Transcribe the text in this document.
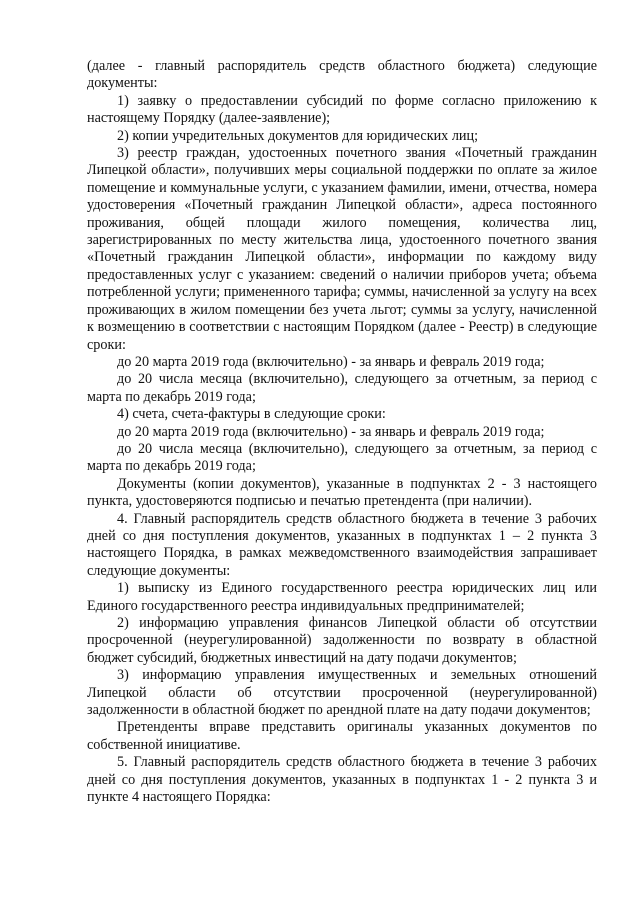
(далее - главный распорядитель средств областного бюджета) следующие документы:

1) заявку о предоставлении субсидий по форме согласно приложению к настоящему Порядку (далее-заявление);

2) копии учредительных документов для юридических лиц;

3) реестр граждан, удостоенных почетного звания «Почетный гражданин Липецкой области», получивших меры социальной поддержки по оплате за жилое помещение и коммунальные услуги, с указанием фамилии, имени, отчества, номера удостоверения «Почетный гражданин Липецкой области», адреса постоянного проживания, общей площади жилого помещения, количества лиц, зарегистрированных по месту жительства лица, удостоенного почетного звания «Почетный гражданин Липецкой области», информации по каждому виду предоставленных услуг с указанием: сведений о наличии приборов учета; объема потребленной услуги; примененного тарифа; суммы, начисленной за услугу на всех проживающих в жилом помещении без учета льгот; суммы за услугу, начисленной к возмещению в соответствии с настоящим Порядком (далее - Реестр) в следующие сроки:

до 20 марта 2019 года (включительно) - за январь и февраль 2019 года;

до 20 числа месяца (включительно), следующего за отчетным, за период с марта по декабрь 2019 года;

4) счета, счета-фактуры в следующие сроки:

до 20 марта 2019 года (включительно) - за январь и февраль 2019 года;

до 20 числа месяца (включительно), следующего за отчетным, за период с марта по декабрь 2019 года;

Документы (копии документов), указанные в подпунктах 2 - 3 настоящего пункта, удостоверяются подписью и печатью претендента (при наличии).

4. Главный распорядитель средств областного бюджета в течение 3 рабочих дней со дня поступления документов, указанных в подпунктах 1 – 2 пункта 3 настоящего Порядка, в рамках межведомственного взаимодействия запрашивает следующие документы:

1) выписку из Единого государственного реестра юридических лиц или Единого государственного реестра индивидуальных предпринимателей;

2) информацию управления финансов Липецкой области об отсутствии просроченной (неурегулированной) задолженности по возврату в областной бюджет субсидий, бюджетных инвестиций на дату подачи документов;

3) информацию управления имущественных и земельных отношений Липецкой области об отсутствии просроченной (неурегулированной) задолженности в областной бюджет по арендной плате на дату подачи документов;

Претенденты вправе представить оригиналы указанных документов по собственной инициативе.

5. Главный распорядитель средств областного бюджета в течение 3 рабочих дней со дня поступления документов, указанных в подпунктах 1 - 2 пункта 3 и пункте 4 настоящего Порядка:
